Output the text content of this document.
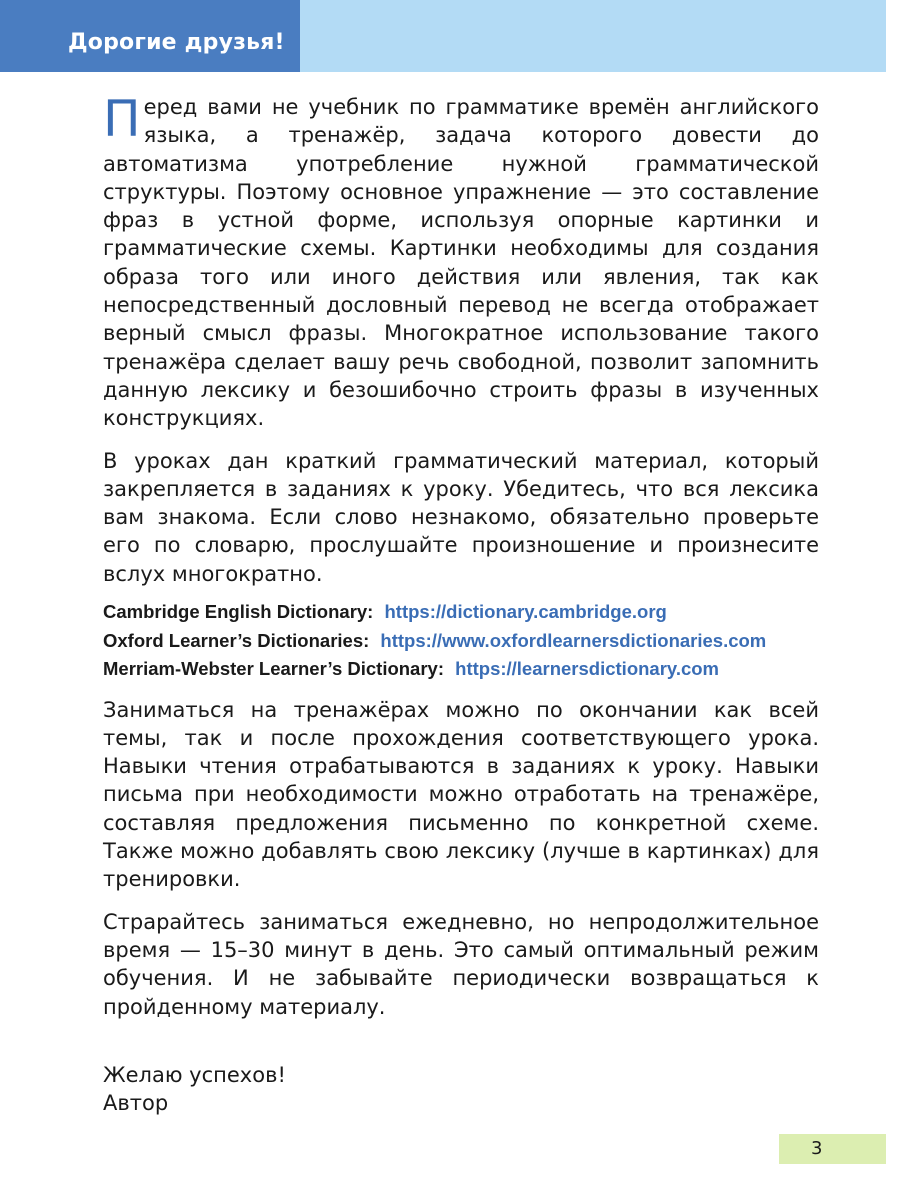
Дорогие друзья!

Перед вами не учебник по грамматике времён английского языка, а тренажёр, задача которого довести до автоматизма употребление нужной грамматической структуры. Поэтому основное упражнение — это составление фраз в устной форме, используя опорные картинки и грамматические схемы. Картинки необходимы для создания образа того или иного действия или явления, так как непосредственный дословный перевод не всегда отображает верный смысл фразы. Многократное использование такого тренажёра сделает вашу речь свободной, позволит запомнить данную лексику и безошибочно строить фразы в изученных конструкциях.

В уроках дан краткий грамматический материал, который закрепляется в заданиях к уроку. Убедитесь, что вся лексика вам знакома. Если слово незнакомо, обязательно проверьте его по словарю, прослушайте произношение и произнесите вслух многократно.

Cambridge English Dictionary: https://dictionary.cambridge.org
Oxford Learner’s Dictionaries: https://www.oxfordlearnersdictionaries.com
Merriam-Webster Learner’s Dictionary: https://learnersdictionary.com

Заниматься на тренажёрах можно по окончании как всей темы, так и после прохождения соответствующего урока. Навыки чтения отрабатываются в заданиях к уроку. Навыки письма при необходимости можно отработать на тренажёре, составляя предложения письменно по конкретной схеме. Также можно добавлять свою лексику (лучше в картинках) для тренировки.

Страрайтесь заниматься ежедневно, но непродолжительное время — 15–30 минут в день. Это самый оптимальный режим обучения. И не забывайте периодически возвращаться к пройденному материалу.

Желаю успехов!
Автор
3
